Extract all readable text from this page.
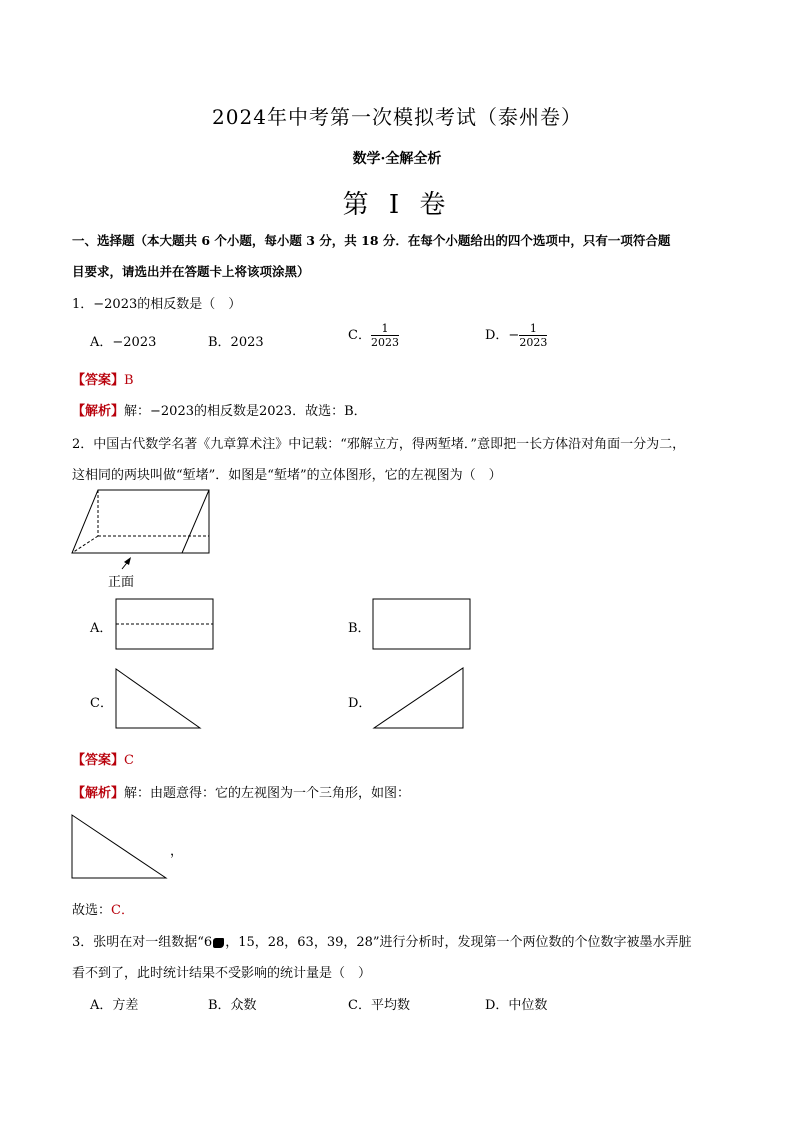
2024年中考第一次模拟考试（泰州卷）
数学·全解全析
第 I 卷
一、选择题（本大题共 6 个小题，每小题 3 分，共 18 分．在每个小题给出的四个选项中，只有一项符合题
目要求，请选出并在答题卡上将该项涂黑）
1．−2023的相反数是（　）
A．−2023	B．2023	C． $\frac{1}{2023}$	D．− $\frac{1}{2023}$
【答案】B
【解析】解：−2023的相反数是2023．故选：B．
2．中国古代数学名著《九章算术注》中记载：“邪解立方，得两堑堵．”意即把一长方体沿对角面一分为二，
这相同的两块叫做“堑堵”．如图是“堑堵”的立体图形，它的左视图为（　）
正面
A．	B．
C．	D．
【答案】C
【解析】解：由题意得：它的左视图为一个三角形，如图：
，
故选：C．
3．张明在对一组数据“6 ，15，28，63，39，28”进行分析时，发现第一个两位数的个位数字被墨水弄脏
看不到了，此时统计结果不受影响的统计量是（　）
A．方差	B．众数	C．平均数	D．中位数
